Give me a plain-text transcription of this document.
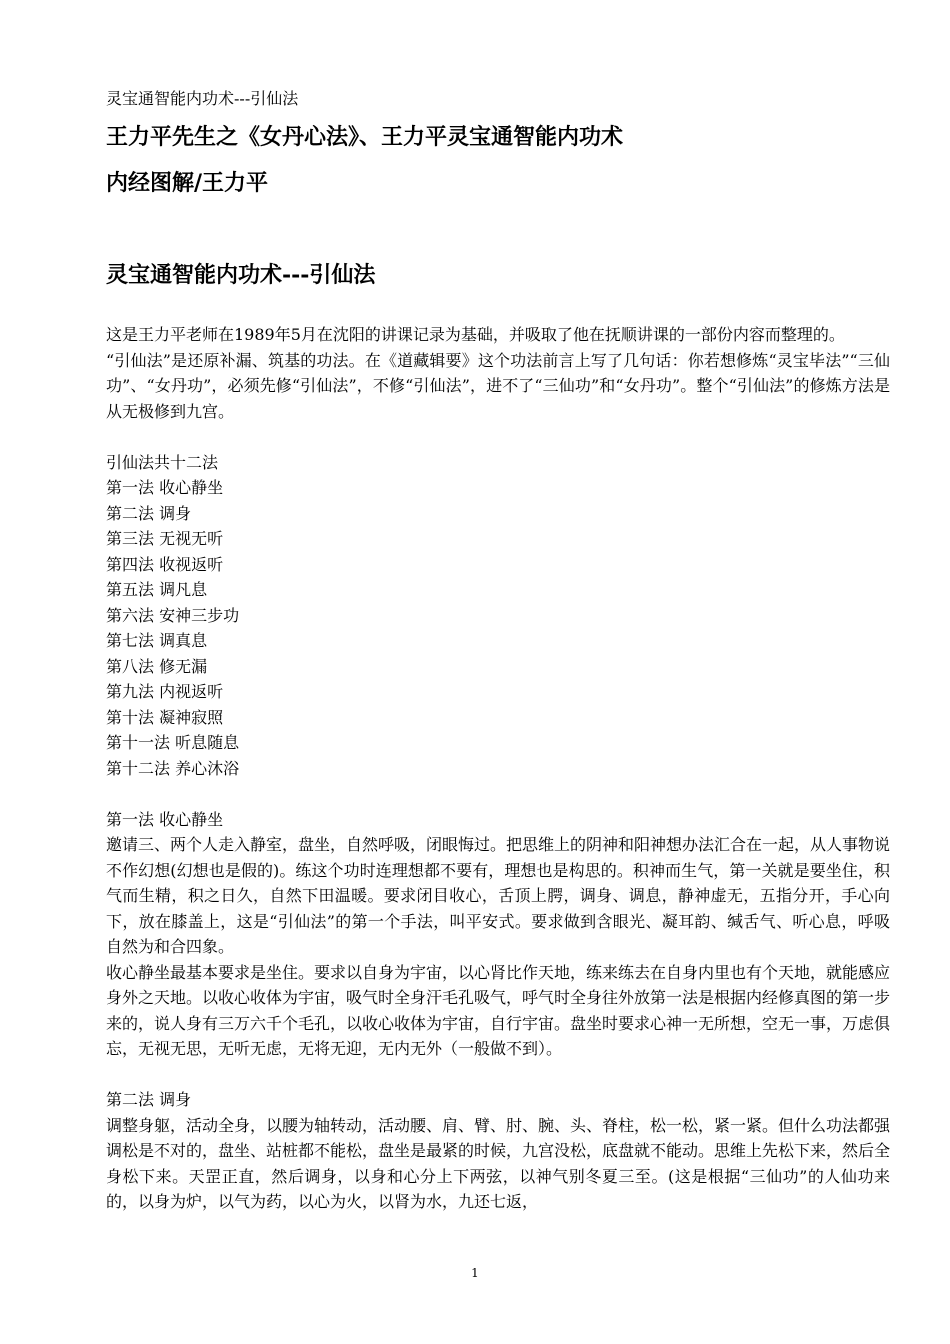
灵宝通智能内功术---引仙法

王力平先生之《女丹心法》、王力平灵宝通智能内功术
内经图解/王力平
灵宝通智能内功术---引仙法

这是王力平老师在1989年5月在沈阳的讲课记录为基础，并吸取了他在抚顺讲课的一部份内容而整理的。

“引仙法”是还原补漏、筑基的功法。在《道藏辑要》这个功法前言上写了几句话：你若想修炼“灵宝毕法”“三仙功”、“女丹功”，必须先修“引仙法”，不修“引仙法”，进不了“三仙功”和“女丹功”。整个“引仙法”的修炼方法是从无极修到九宫。

引仙法共十二法

第一法 收心静坐

第二法 调身

第三法 无视无听

第四法 收视返听

第五法 调凡息

第六法 安神三步功

第七法 调真息

第八法 修无漏

第九法 内视返听

第十法 凝神寂照

第十一法 听息随息

第十二法 养心沐浴

第一法 收心静坐

邀请三、两个人走入静室，盘坐，自然呼吸，闭眼悔过。把思维上的阴神和阳神想办法汇合在一起，从人事物说不作幻想(幻想也是假的)。练这个功时连理想都不要有，理想也是构思的。积神而生气，第一关就是要坐住，积气而生精，积之日久，自然下田温暖。要求闭目收心，舌顶上腭，调身、调息，静神虚无，五指分开，手心向下，放在膝盖上，这是“引仙法”的第一个手法，叫平安式。要求做到含眼光、凝耳韵、缄舌气、听心息，呼吸自然为和合四象。

收心静坐最基本要求是坐住。要求以自身为宇宙，以心肾比作天地，练来练去在自身内里也有个天地，就能感应身外之天地。以收心收体为宇宙，吸气时全身汗毛孔吸气，呼气时全身往外放第一法是根据内经修真图的第一步来的，说人身有三万六千个毛孔，以收心收体为宇宙，自行宇宙。盘坐时要求心神一无所想，空无一事，万虑俱忘，无视无思，无听无虑，无将无迎，无内无外（一般做不到）。

第二法 调身

调整身躯，活动全身，以腰为轴转动，活动腰、肩、臂、肘、腕、头、脊柱，松一松，紧一紧。但什么功法都强调松是不对的，盘坐、站桩都不能松，盘坐是最紧的时候，九宫没松，底盘就不能动。思维上先松下来，然后全身松下来。天罡正直，然后调身，以身和心分上下两弦，以神气别冬夏三至。(这是根据“三仙功”的人仙功来的，以身为炉，以气为药，以心为火，以肾为水，九还七返，

1
